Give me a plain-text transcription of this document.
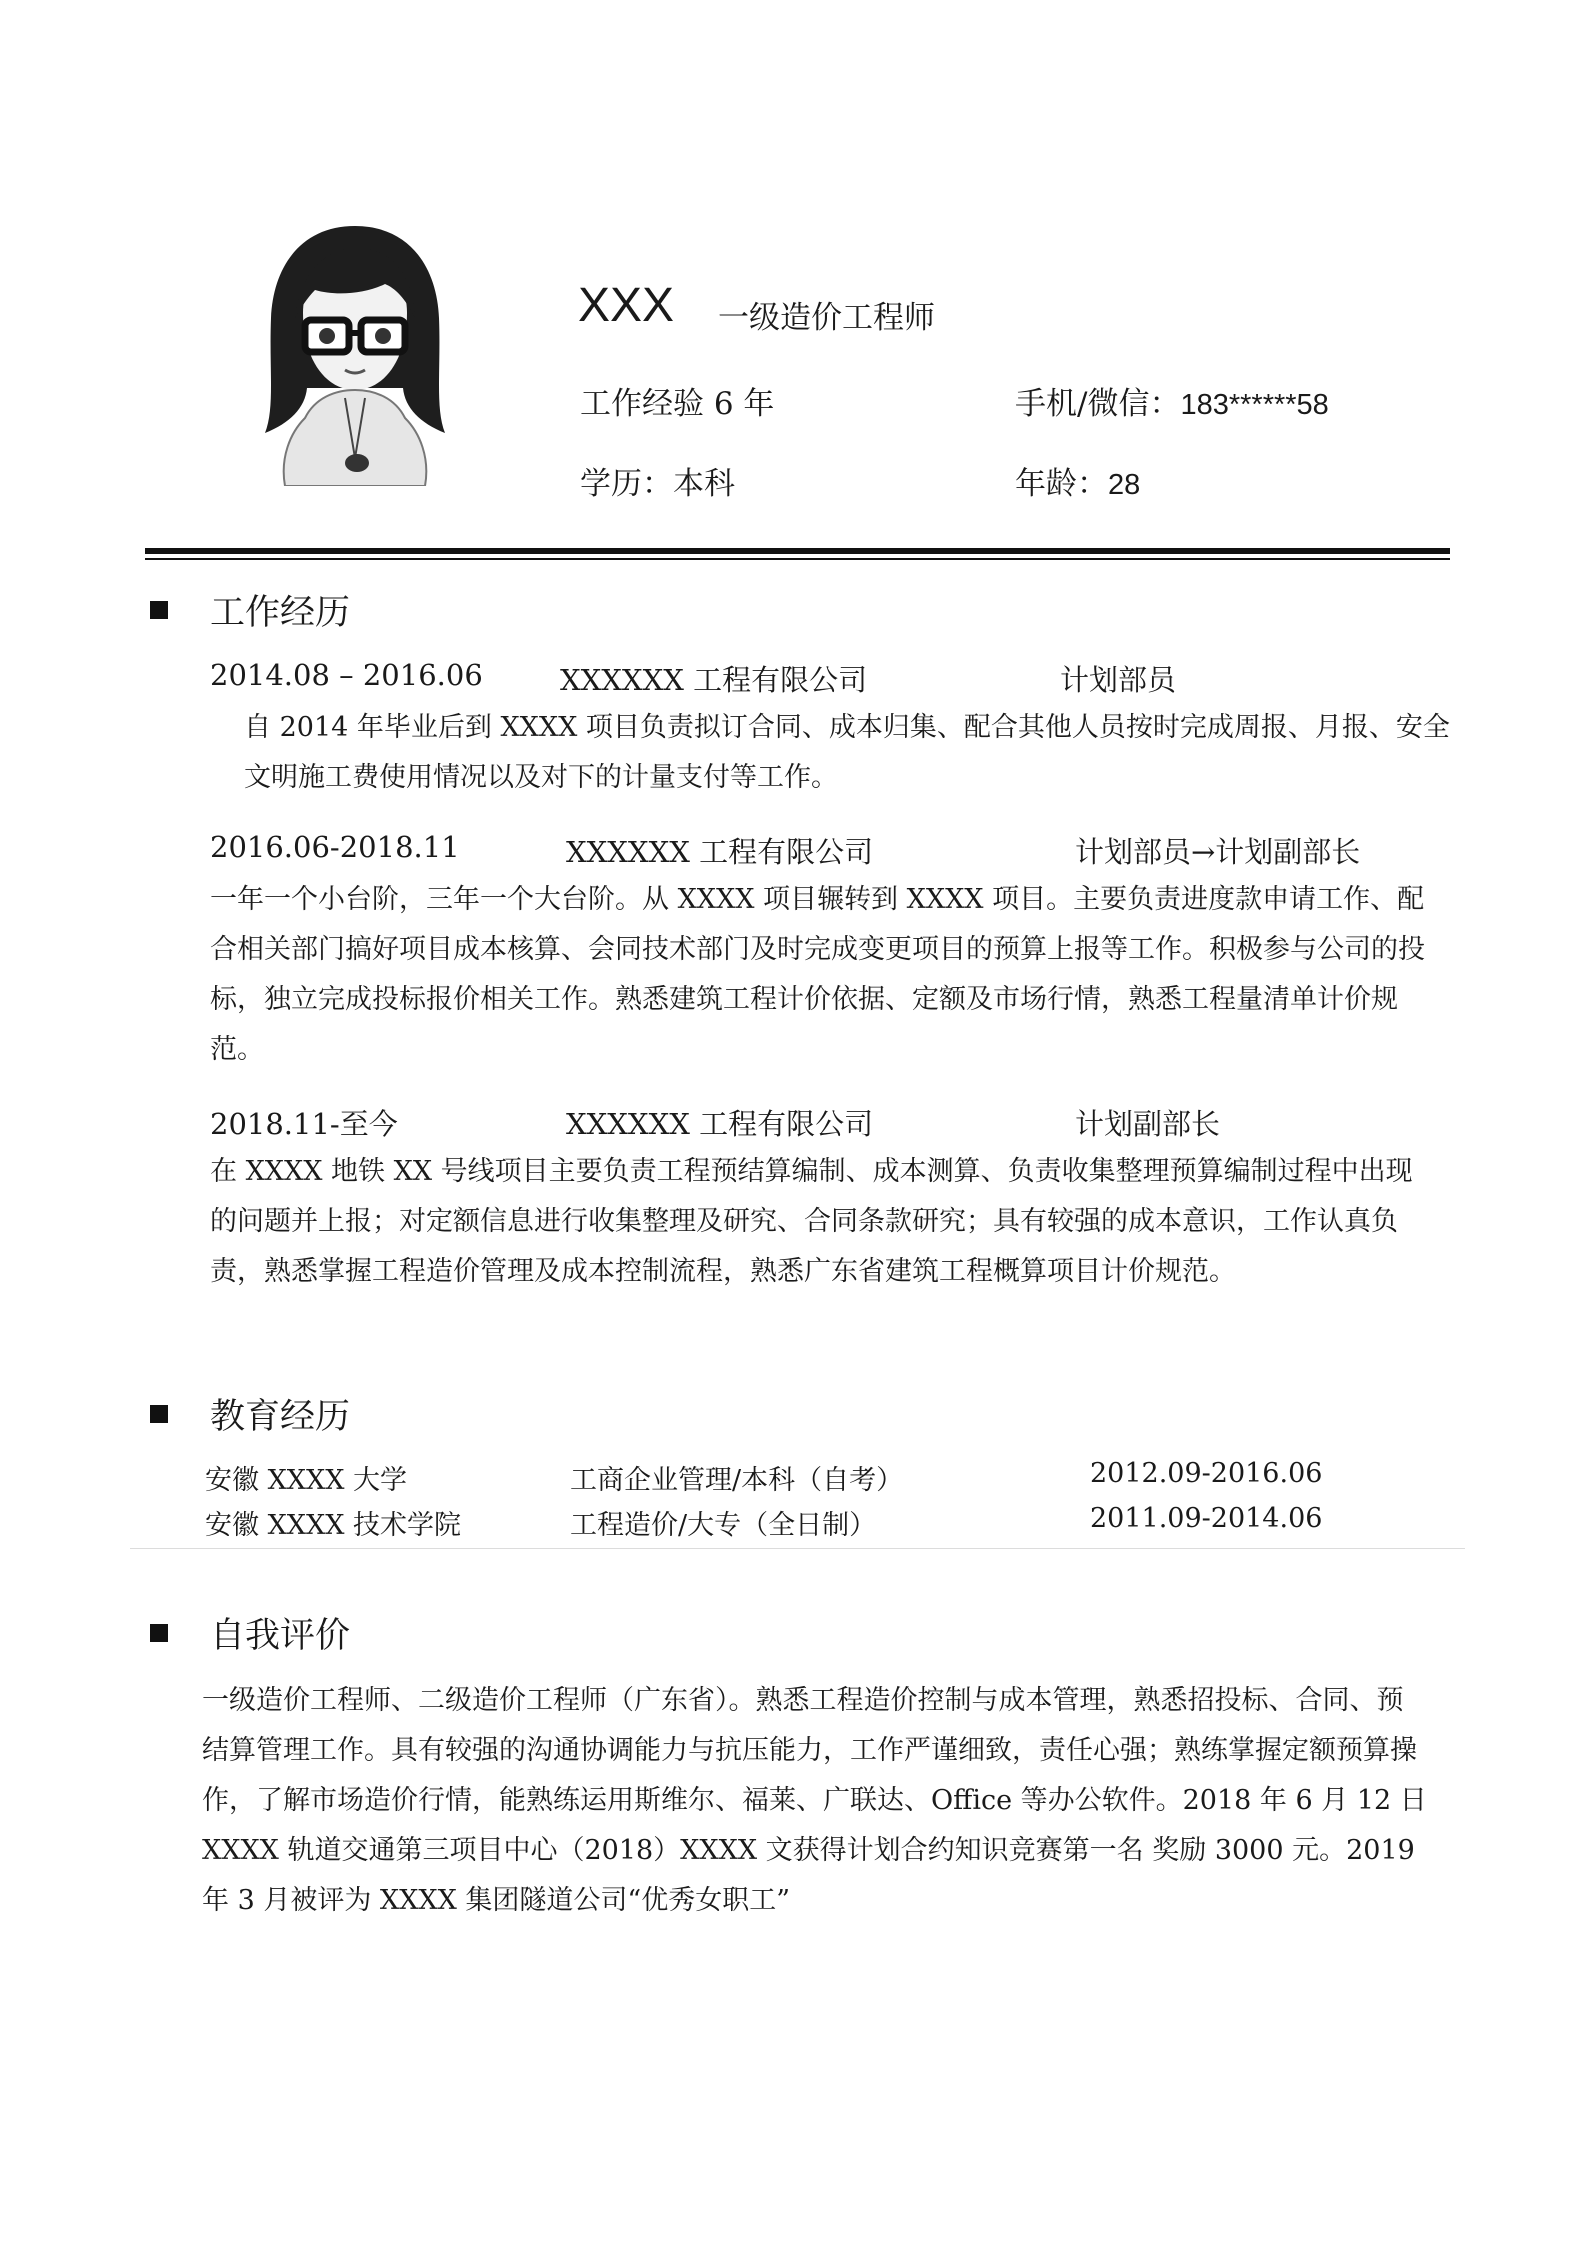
XXX 一级造价工程师
工作经验 6 年	手机/微信：183******58
学历：本科	年龄：28
工作经历
2014.08 – 2016.06	XXXXXX 工程有限公司	计划部员
自 2014 年毕业后到 XXXX 项目负责拟订合同、成本归集、配合其他人员按时完成周报、月报、安全文明施工费使用情况以及对下的计量支付等工作。
2016.06-2018.11	XXXXXX 工程有限公司	计划部员→计划副部长
一年一个小台阶，三年一个大台阶。从 XXXX 项目辗转到 XXXX 项目。主要负责进度款申请工作、配合相关部门搞好项目成本核算、会同技术部门及时完成变更项目的预算上报等工作。积极参与公司的投标，独立完成投标报价相关工作。熟悉建筑工程计价依据、定额及市场行情，熟悉工程量清单计价规范。
2018.11-至今	XXXXXX 工程有限公司	计划副部长
在 XXXX 地铁 XX 号线项目主要负责工程预结算编制、成本测算、负责收集整理预算编制过程中出现的问题并上报；对定额信息进行收集整理及研究、合同条款研究；具有较强的成本意识，工作认真负责，熟悉掌握工程造价管理及成本控制流程，熟悉广东省建筑工程概算项目计价规范。
教育经历
安徽 XXXX 大学	工商企业管理/本科（自考）	2012.09-2016.06
安徽 XXXX 技术学院	工程造价/大专（全日制）	2011.09-2014.06
自我评价
一级造价工程师、二级造价工程师（广东省）。熟悉工程造价控制与成本管理，熟悉招投标、合同、预结算管理工作。具有较强的沟通协调能力与抗压能力，工作严谨细致，责任心强；熟练掌握定额预算操作，了解市场造价行情，能熟练运用斯维尔、福莱、广联达、Office 等办公软件。2018 年 6 月 12 日 XXXX 轨道交通第三项目中心（2018）XXXX 文获得计划合约知识竞赛第一名 奖励 3000 元。2019 年 3 月被评为 XXXX 集团隧道公司“优秀女职工”
